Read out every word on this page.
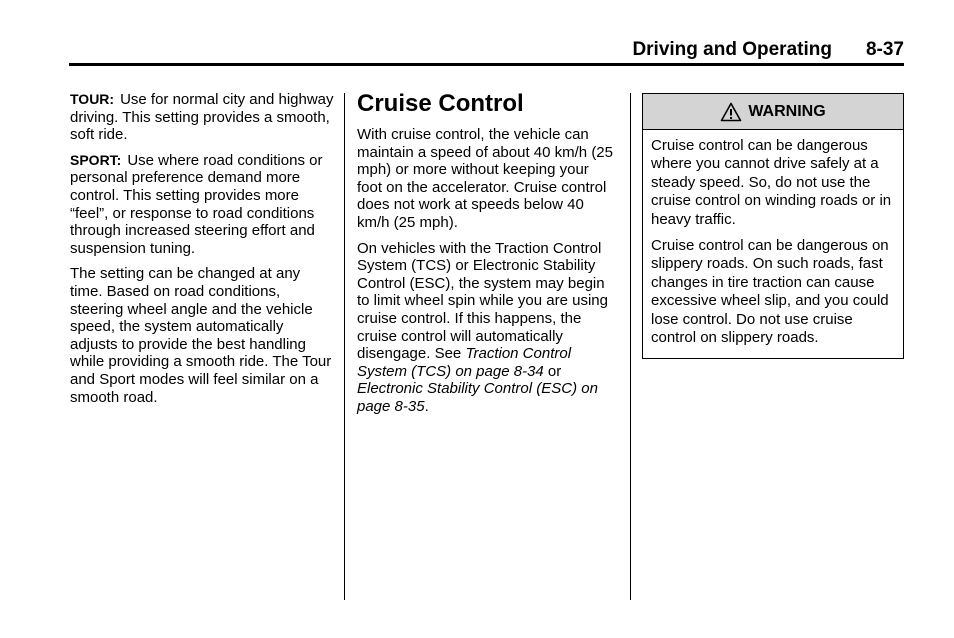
Driving and Operating 8-37

TOUR: Use for normal city and highway driving. This setting provides a smooth, soft ride.

SPORT: Use where road conditions or personal preference demand more control. This setting provides more “feel”, or response to road conditions through increased steering effort and suspension tuning.

The setting can be changed at any time. Based on road conditions, steering wheel angle and the vehicle speed, the system automatically adjusts to provide the best handling while providing a smooth ride. The Tour and Sport modes will feel similar on a smooth road.

Cruise Control

With cruise control, the vehicle can maintain a speed of about 40 km/h (25 mph) or more without keeping your foot on the accelerator. Cruise control does not work at speeds below 40 km/h (25 mph).

On vehicles with the Traction Control System (TCS) or Electronic Stability Control (ESC), the system may begin to limit wheel spin while you are using cruise control. If this happens, the cruise control will automatically disengage. See Traction Control System (TCS) on page 8-34 or Electronic Stability Control (ESC) on page 8-35.

WARNING

Cruise control can be dangerous where you cannot drive safely at a steady speed. So, do not use the cruise control on winding roads or in heavy traffic.

Cruise control can be dangerous on slippery roads. On such roads, fast changes in tire traction can cause excessive wheel slip, and you could lose control. Do not use cruise control on slippery roads.
